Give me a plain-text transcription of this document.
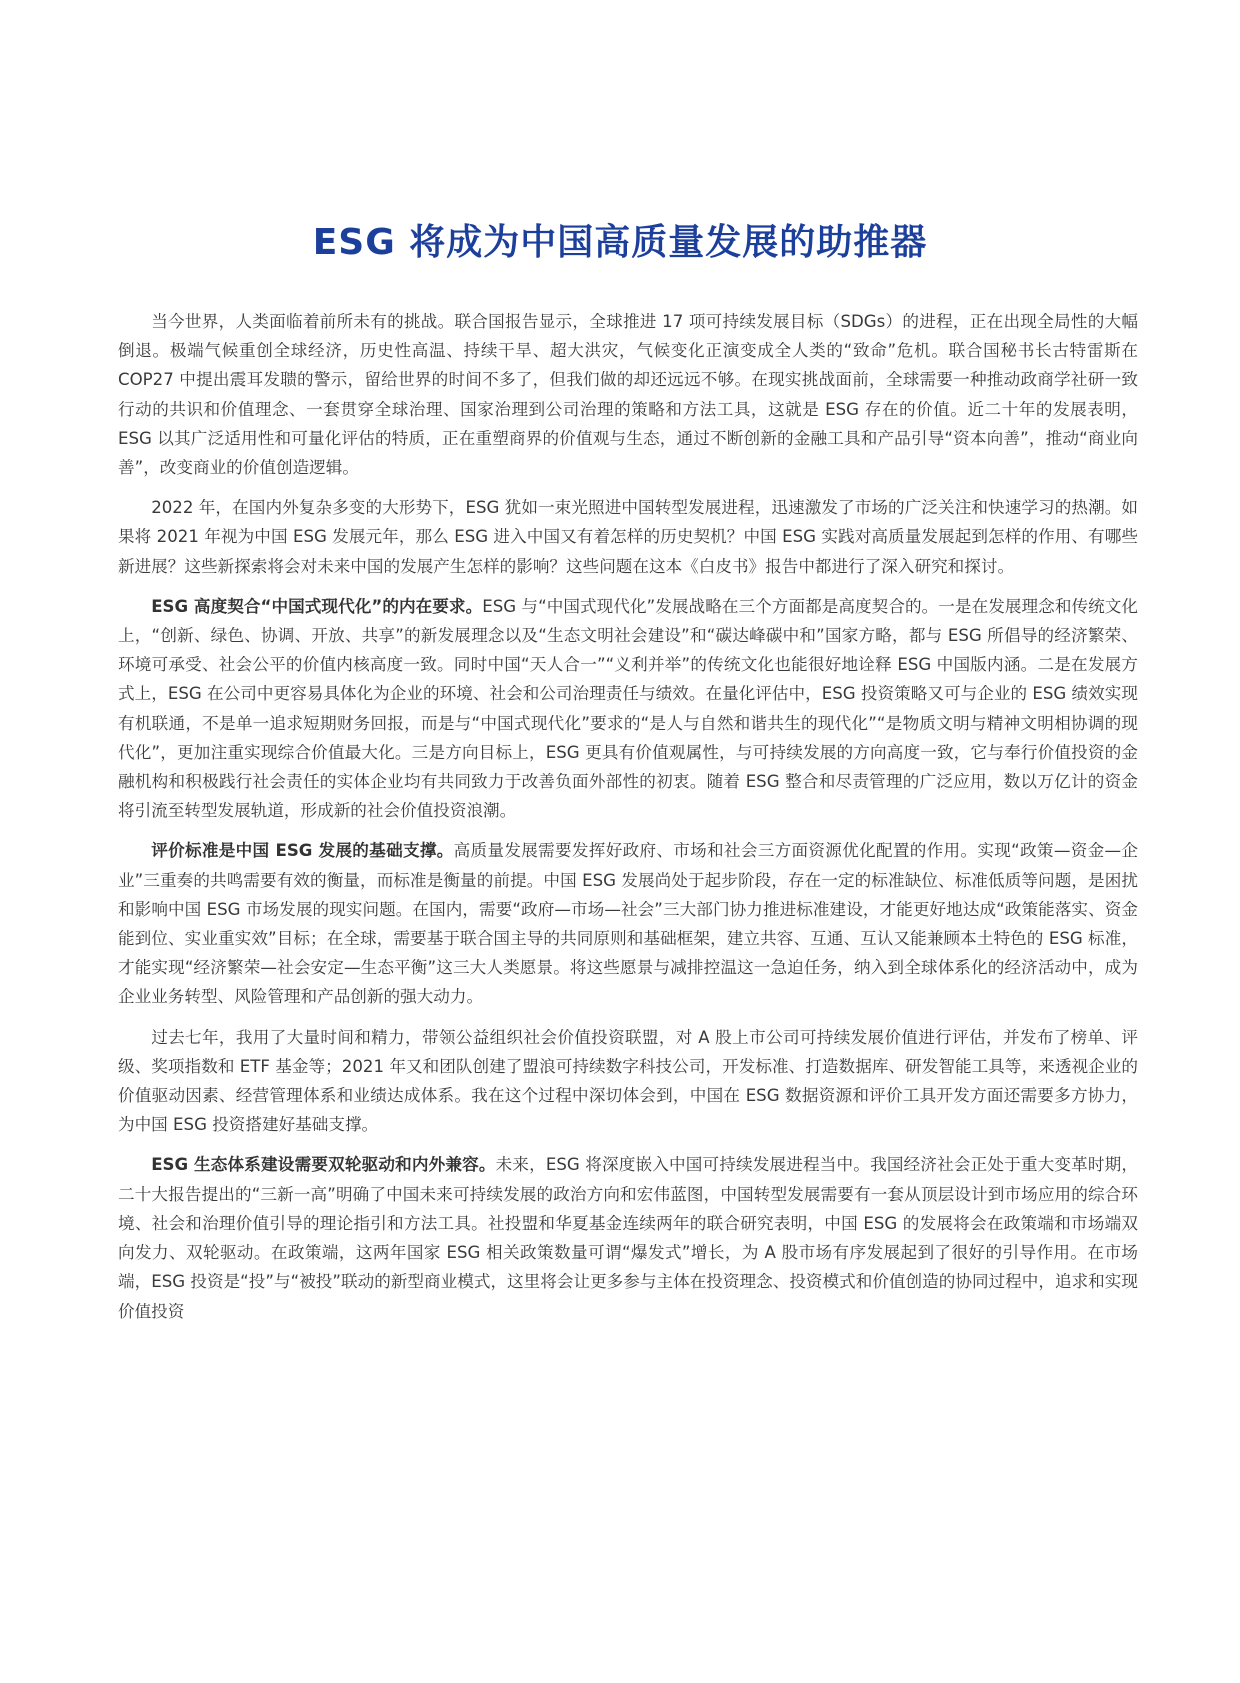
ESG 将成为中国高质量发展的助推器

当今世界，人类面临着前所未有的挑战。联合国报告显示，全球推进 17 项可持续发展目标（SDGs）的进程，正在出现全局性的大幅倒退。极端气候重创全球经济，历史性高温、持续干旱、超大洪灾，气候变化正演变成全人类的“致命”危机。联合国秘书长古特雷斯在 COP27 中提出震耳发聩的警示，留给世界的时间不多了，但我们做的却还远远不够。在现实挑战面前，全球需要一种推动政商学社研一致行动的共识和价值理念、一套贯穿全球治理、国家治理到公司治理的策略和方法工具，这就是 ESG 存在的价值。近二十年的发展表明，ESG 以其广泛适用性和可量化评估的特质，正在重塑商界的价值观与生态，通过不断创新的金融工具和产品引导“资本向善”，推动“商业向善”，改变商业的价值创造逻辑。

2022 年，在国内外复杂多变的大形势下，ESG 犹如一束光照进中国转型发展进程，迅速激发了市场的广泛关注和快速学习的热潮。如果将 2021 年视为中国 ESG 发展元年，那么 ESG 进入中国又有着怎样的历史契机？中国 ESG 实践对高质量发展起到怎样的作用、有哪些新进展？这些新探索将会对未来中国的发展产生怎样的影响？这些问题在这本《白皮书》报告中都进行了深入研究和探讨。

ESG 高度契合“中国式现代化”的内在要求。ESG 与“中国式现代化”发展战略在三个方面都是高度契合的。一是在发展理念和传统文化上，“创新、绿色、协调、开放、共享”的新发展理念以及“生态文明社会建设”和“碳达峰碳中和”国家方略，都与 ESG 所倡导的经济繁荣、环境可承受、社会公平的价值内核高度一致。同时中国“天人合一”“义利并举”的传统文化也能很好地诠释 ESG 中国版内涵。二是在发展方式上，ESG 在公司中更容易具体化为企业的环境、社会和公司治理责任与绩效。在量化评估中，ESG 投资策略又可与企业的 ESG 绩效实现有机联通，不是单一追求短期财务回报，而是与“中国式现代化”要求的“是人与自然和谐共生的现代化”“是物质文明与精神文明相协调的现代化”，更加注重实现综合价值最大化。三是方向目标上，ESG 更具有价值观属性，与可持续发展的方向高度一致，它与奉行价值投资的金融机构和积极践行社会责任的实体企业均有共同致力于改善负面外部性的初衷。随着 ESG 整合和尽责管理的广泛应用，数以万亿计的资金将引流至转型发展轨道，形成新的社会价值投资浪潮。

评价标准是中国 ESG 发展的基础支撑。高质量发展需要发挥好政府、市场和社会三方面资源优化配置的作用。实现“政策—资金—企业”三重奏的共鸣需要有效的衡量，而标准是衡量的前提。中国 ESG 发展尚处于起步阶段，存在一定的标准缺位、标准低质等问题，是困扰和影响中国 ESG 市场发展的现实问题。在国内，需要“政府—市场—社会”三大部门协力推进标准建设，才能更好地达成“政策能落实、资金能到位、实业重实效”目标；在全球，需要基于联合国主导的共同原则和基础框架，建立共容、互通、互认又能兼顾本土特色的 ESG 标准，才能实现“经济繁荣—社会安定—生态平衡”这三大人类愿景。将这些愿景与减排控温这一急迫任务，纳入到全球体系化的经济活动中，成为企业业务转型、风险管理和产品创新的强大动力。

过去七年，我用了大量时间和精力，带领公益组织社会价值投资联盟，对 A 股上市公司可持续发展价值进行评估，并发布了榜单、评级、奖项指数和 ETF 基金等；2021 年又和团队创建了盟浪可持续数字科技公司，开发标准、打造数据库、研发智能工具等，来透视企业的价值驱动因素、经营管理体系和业绩达成体系。我在这个过程中深切体会到，中国在 ESG 数据资源和评价工具开发方面还需要多方协力，为中国 ESG 投资搭建好基础支撑。

ESG 生态体系建设需要双轮驱动和内外兼容。未来，ESG 将深度嵌入中国可持续发展进程当中。我国经济社会正处于重大变革时期，二十大报告提出的“三新一高”明确了中国未来可持续发展的政治方向和宏伟蓝图，中国转型发展需要有一套从顶层设计到市场应用的综合环境、社会和治理价值引导的理论指引和方法工具。社投盟和华夏基金连续两年的联合研究表明，中国 ESG 的发展将会在政策端和市场端双向发力、双轮驱动。在政策端，这两年国家 ESG 相关政策数量可谓“爆发式”增长，为 A 股市场有序发展起到了很好的引导作用。在市场端，ESG 投资是“投”与“被投”联动的新型商业模式，这里将会让更多参与主体在投资理念、投资模式和价值创造的协同过程中，追求和实现价值投资
